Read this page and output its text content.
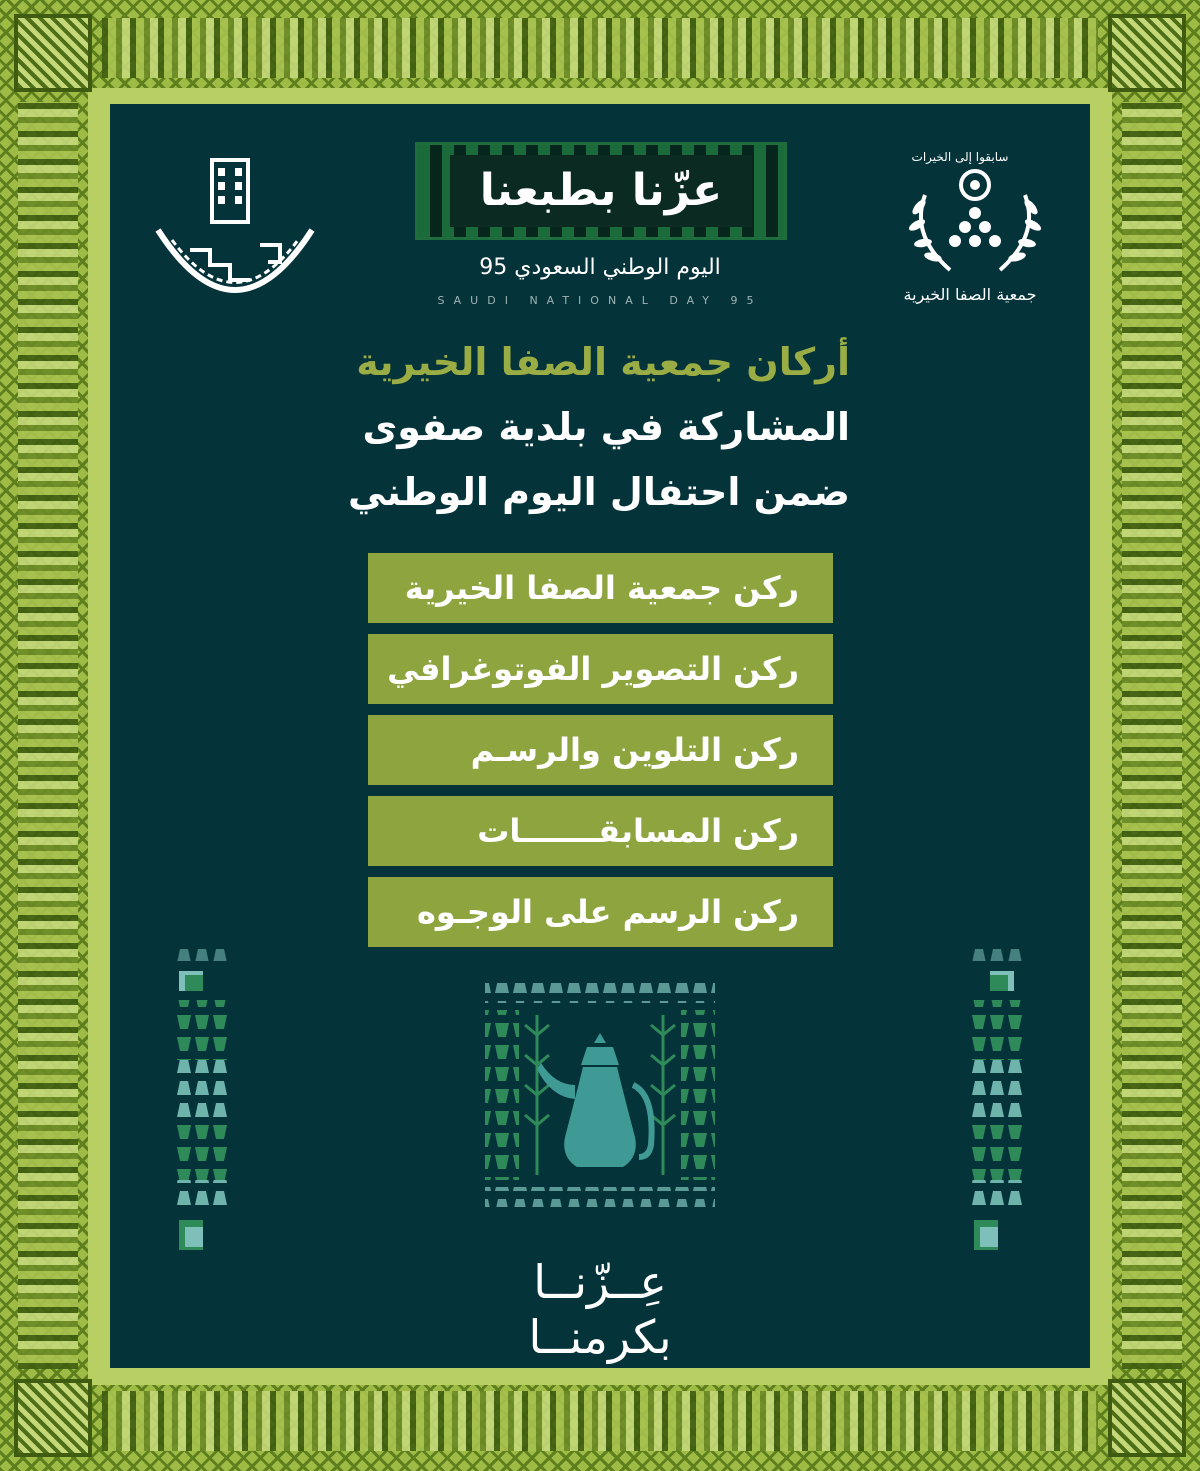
عزّنا بطبعنا
اليوم الوطني السعودي 95
SAUDI NATIONAL DAY 95
سابقوا إلى الخيرات
جمعية الصفا الخيرية
أركان جمعية الصفا الخيرية
المشاركة في بلدية صفوى
ضمن احتفال اليوم الوطني
ركن جمعية الصفا الخيرية
ركن التصوير الفوتوغرافي
ركن التلوين والرسـم
ركن المسابقـــــــات
ركن الرسم على الوجـوه
عِــزّنــا
بكرمنــا
